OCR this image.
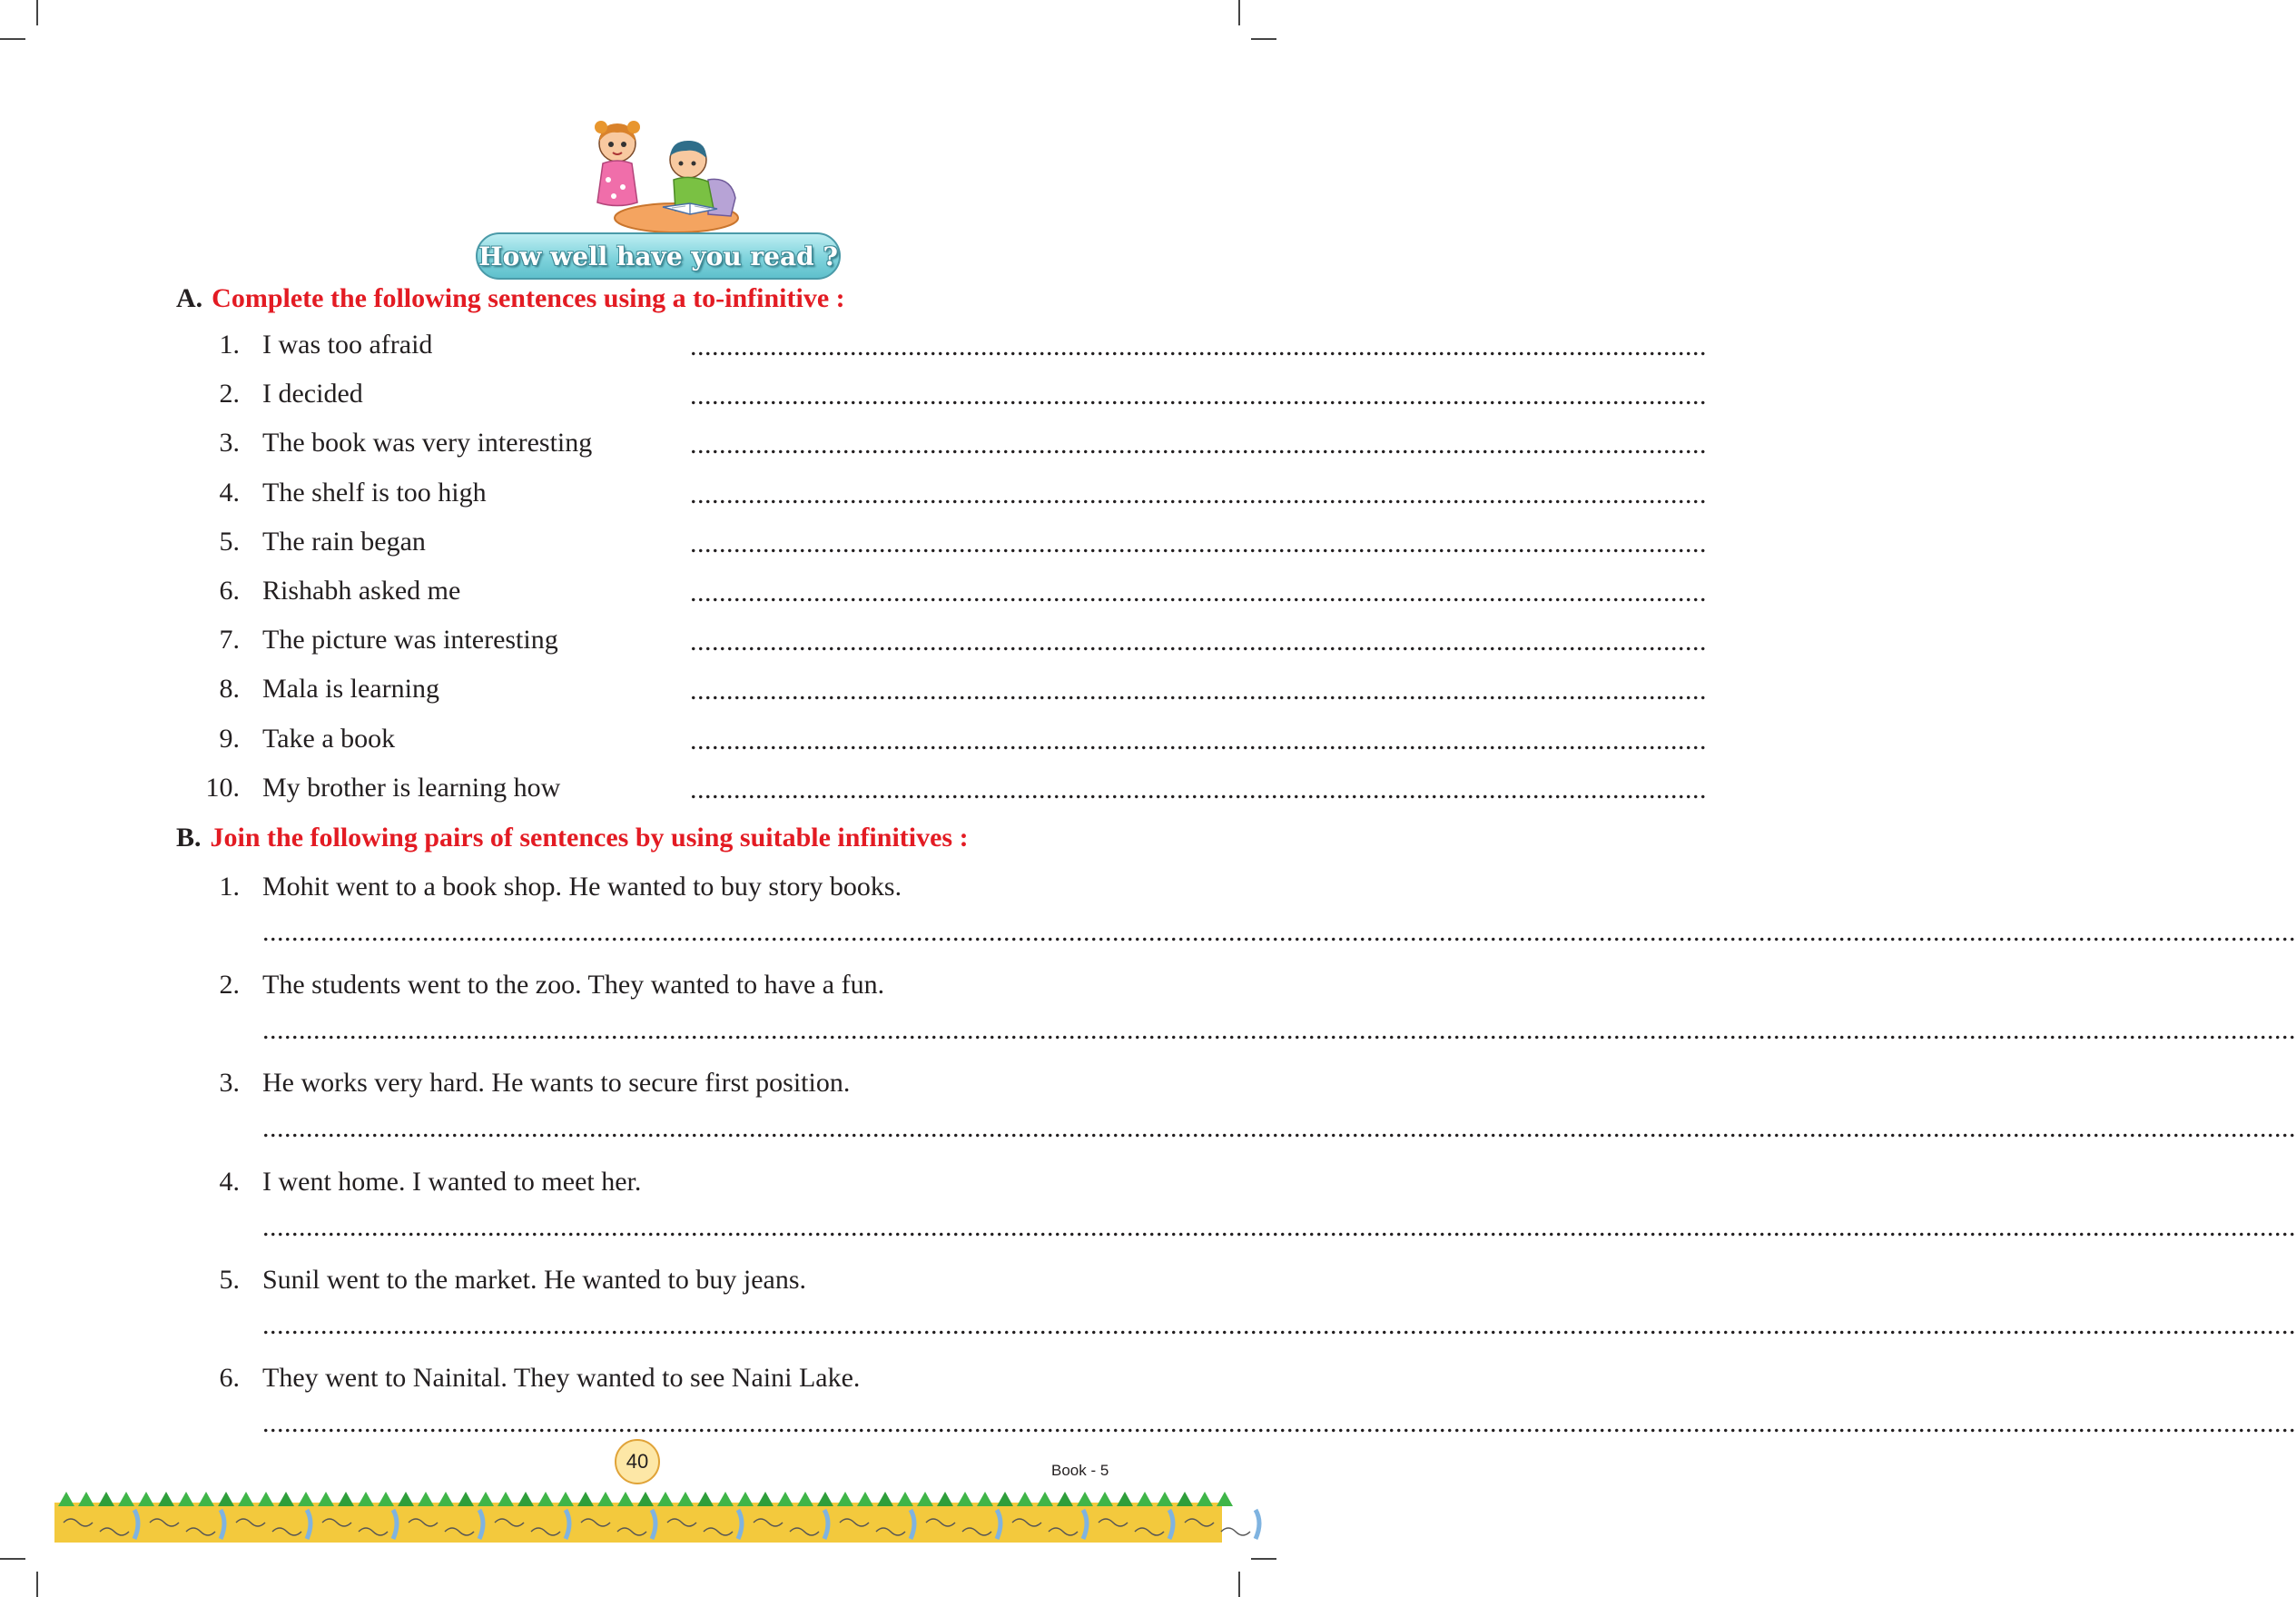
How well have you read ?
A. Complete the following sentences using a to-infinitive :
1. I was too afraid	............................................................................................................................................
2. I decided	............................................................................................................................................
3. The book was very interesting	............................................................................................................................................
4. The shelf is too high	............................................................................................................................................
5. The rain began	............................................................................................................................................
6. Rishabh asked me	............................................................................................................................................
7. The picture was interesting	............................................................................................................................................
8. Mala is learning	............................................................................................................................................
9. Take a book	............................................................................................................................................
10. My brother is learning how	............................................................................................................................................
B. Join the following pairs of sentences by using suitable infinitives :
1. Mohit went to a book shop. He wanted to buy story books.
........................................................................................................................................................................................................................................................................................
2. The students went to the zoo. They wanted to have a fun.
........................................................................................................................................................................................................................................................................................
3. He works very hard. He wants to secure first position.
........................................................................................................................................................................................................................................................................................
4. I went home. I wanted to meet her.
........................................................................................................................................................................................................................................................................................
5. Sunil went to the market. He wanted to buy jeans.
........................................................................................................................................................................................................................................................................................
6. They went to Nainital. They wanted to see Naini Lake.
........................................................................................................................................................................................................................................................................................
40	Book - 5
